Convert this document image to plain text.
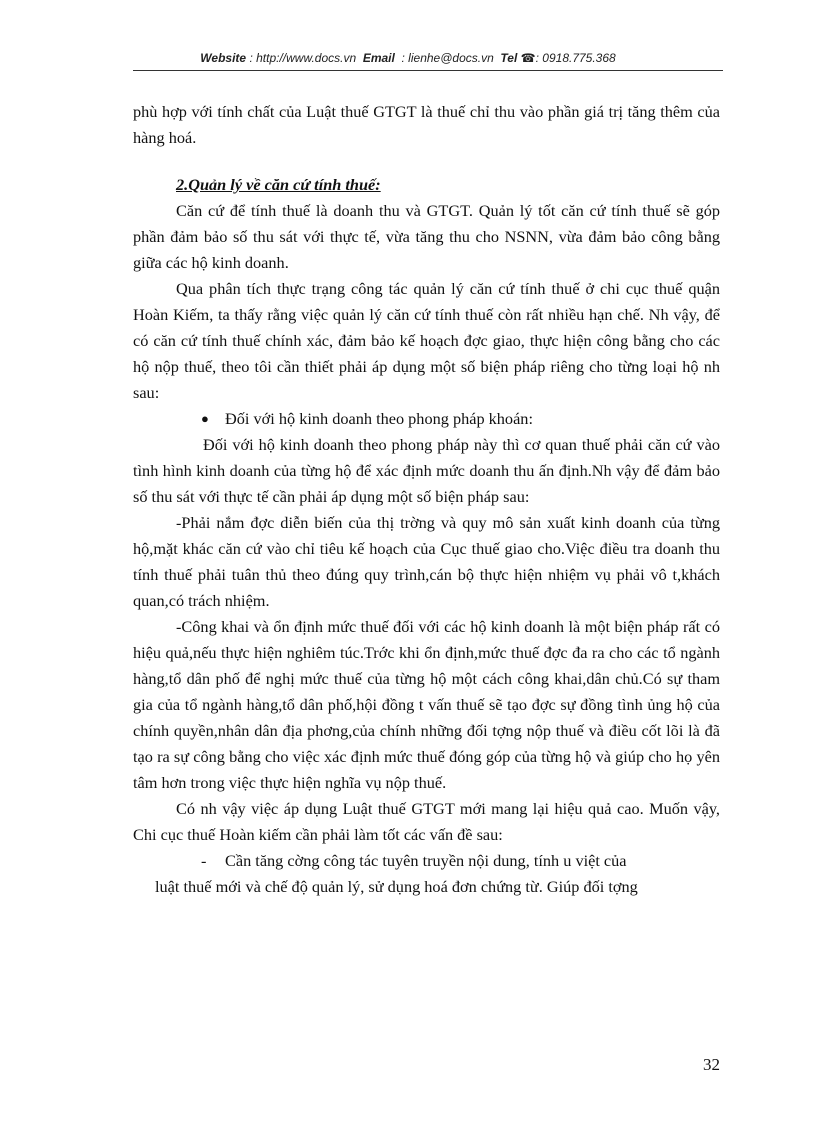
Website : http://www.docs.vn Email : lienhe@docs.vn Tel ☎: 0918.775.368

phù hợp với tính chất của Luật thuế GTGT là thuế chỉ thu vào phần giá trị tăng thêm của hàng hoá.

2.Quản lý về căn cứ tính thuế:

Căn cứ để tính thuế là doanh thu và GTGT. Quản lý tốt căn cứ tính thuế sẽ góp phần đảm bảo số thu sát với thực tế, vừa tăng thu cho NSNN, vừa đảm bảo công bằng giữa các hộ kinh doanh.

Qua phân tích thực trạng công tác quản lý căn cứ tính thuế ở chi cục thuế quận Hoàn Kiếm, ta thấy rằng việc quản lý căn cứ tính thuế còn rất nhiều hạn chế. Nh vậy, để có căn cứ tính thuế chính xác, đảm bảo kế hoạch đợc giao, thực hiện công bằng cho các hộ nộp thuế, theo tôi cần thiết phải áp dụng một số biện pháp riêng cho từng loại hộ nh sau:

● Đối với hộ kinh doanh theo phong pháp khoán:

Đối với hộ kinh doanh theo phong pháp này thì cơ quan thuế phải căn cứ vào tình hình kinh doanh của từng hộ để xác định mức doanh thu ấn định.Nh vậy để đảm bảo số thu sát với thực tế cần phải áp dụng một số biện pháp sau:

-Phải nắm đợc diễn biến của thị trờng và quy mô sản xuất kinh doanh của từng hộ,mặt khác căn cứ vào chỉ tiêu kế hoạch của Cục thuế giao cho.Việc điều tra doanh thu tính thuế phải tuân thủ theo đúng quy trình,cán bộ thực hiện nhiệm vụ phải vô t,khách quan,có trách nhiệm.

-Công khai và ổn định mức thuế đối với các hộ kinh doanh là một biện pháp rất có hiệu quả,nếu thực hiện nghiêm túc.Trớc khi ổn định,mức thuế đợc đa ra cho các tổ ngành hàng,tổ dân phố để nghị mức thuế của từng hộ một cách công khai,dân chủ.Có sự tham gia của tổ ngành hàng,tổ dân phố,hội đồng t vấn thuế sẽ tạo đợc sự đồng tình ủng hộ của chính quyền,nhân dân địa phơng,của chính những đối tợng nộp thuế và điều cốt lõi là đã tạo ra sự công bằng cho việc xác định mức thuế đóng góp của từng hộ và giúp cho họ yên tâm hơn trong việc thực hiện nghĩa vụ nộp thuế.

Có nh vậy việc áp dụng Luật thuế GTGT mới mang lại hiệu quả cao. Muốn vậy, Chi cục thuế Hoàn kiếm cần phải làm tốt các vấn đề sau:

- Cần tăng cờng công tác tuyên truyền nội dung, tính u việt của
luật thuế mới và chế độ quản lý, sử dụng hoá đơn chứng từ. Giúp đối tợng
32
